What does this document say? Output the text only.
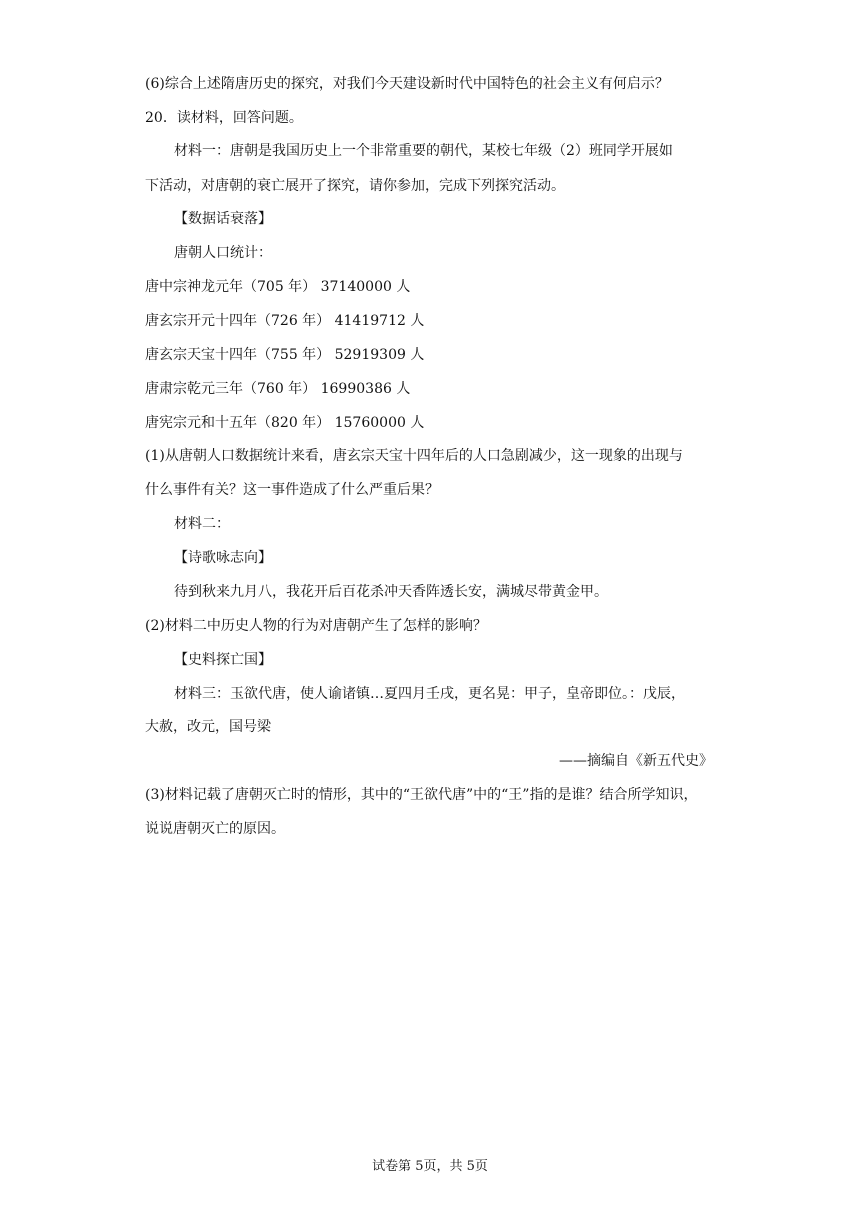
(6)综合上述隋唐历史的探究，对我们今天建设新时代中国特色的社会主义有何启示？
20．读材料，回答问题。
材料一：唐朝是我国历史上一个非常重要的朝代，某校七年级（2）班同学开展如
下活动，对唐朝的衰亡展开了探究，请你参加，完成下列探究活动。
【数据话衰落】
唐朝人口统计：
唐中宗神龙元年（705 年） 37140000 人
唐玄宗开元十四年（726 年） 41419712 人
唐玄宗天宝十四年（755 年） 52919309 人
唐肃宗乾元三年（760 年） 16990386 人
唐宪宗元和十五年（820 年） 15760000 人
(1)从唐朝人口数据统计来看，唐玄宗天宝十四年后的人口急剧减少，这一现象的出现与
什么事件有关？这一事件造成了什么严重后果？
材料二：
【诗歌咏志向】
待到秋来九月八，我花开后百花杀冲天香阵透长安，满城尽带黄金甲。
(2)材料二中历史人物的行为对唐朝产生了怎样的影响？
【史料探亡国】
材料三：玉欲代唐，使人谕诸镇…夏四月壬戌，更名晃：甲子，皇帝即位。：戊辰，
大赦，改元，国号梁
——摘编自《新五代史》
(3)材料记载了唐朝灭亡时的情形，其中的“王欲代唐”中的“王”指的是谁？结合所学知识，
说说唐朝灭亡的原因。
试卷第 5页，共 5页
